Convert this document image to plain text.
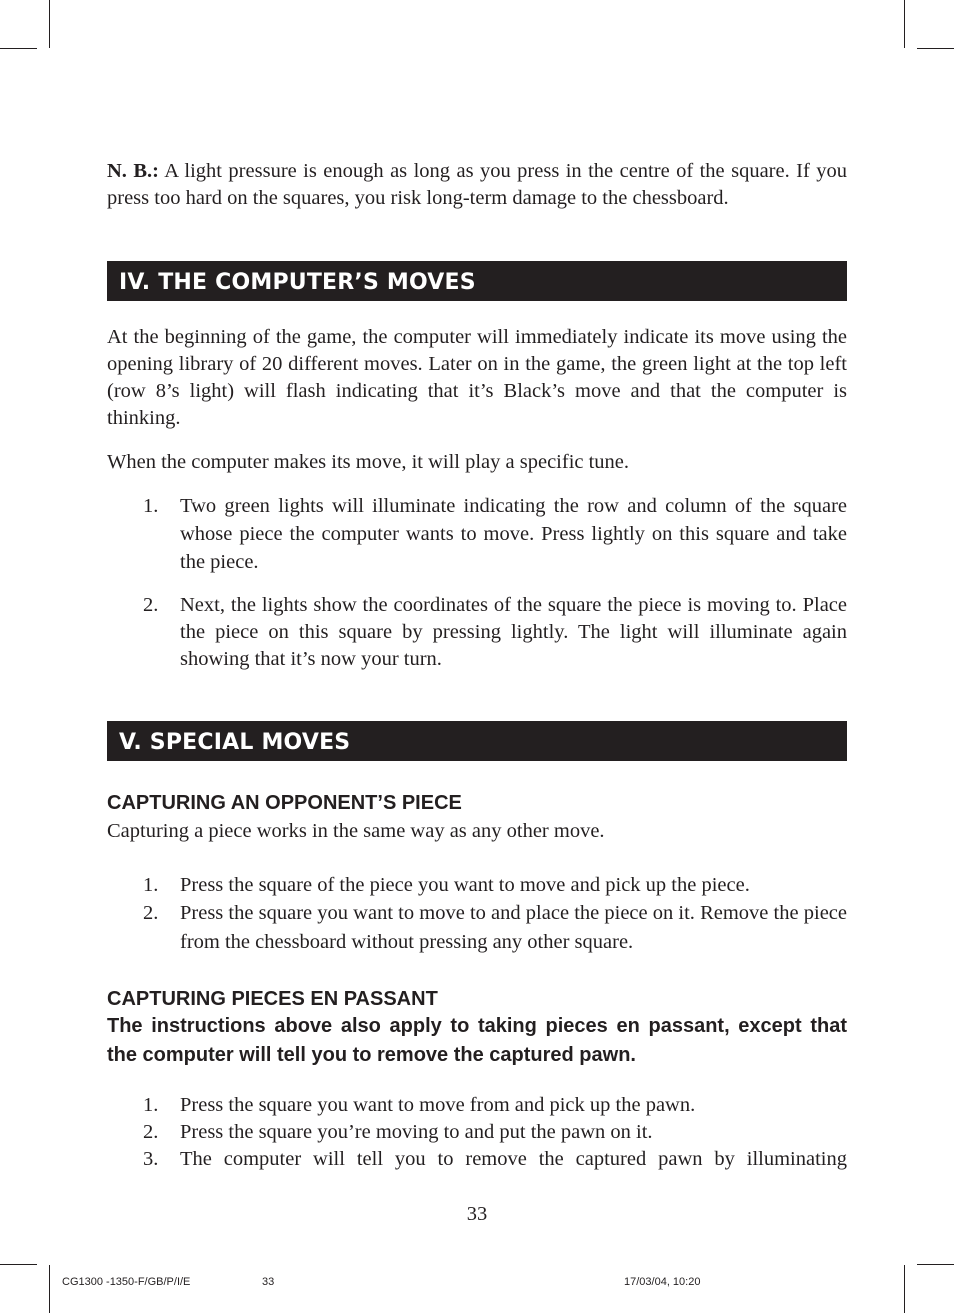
N. B.: A light pressure is enough as long as you press in the centre of the square. If you press too hard on the squares, you risk long-term damage to the chessboard.

IV. THE COMPUTER’S MOVES

At the beginning of the game, the computer will immediately indicate its move using the opening library of 20 different moves. Later on in the game, the green light at the top left (row 8’s light) will flash indicating that it’s Black’s move and that the computer is thinking.

When the computer makes its move, it will play a specific tune.

1. Two green lights will illuminate indicating the row and column of the square whose piece the computer wants to move. Press lightly on this square and take the piece.
2. Next, the lights show the coordinates of the square the piece is moving to. Place the piece on this square by pressing lightly. The light will illuminate again showing that it’s now your turn.
V. SPECIAL MOVES

CAPTURING AN OPPONENT’S PIECE

Capturing a piece works in the same way as any other move.

1. Press the square of the piece you want to move and pick up the piece.
2. Press the square you want to move to and place the piece on it. Remove the piece from the chessboard without pressing any other square.

CAPTURING PIECES EN PASSANT

The instructions above also apply to taking pieces en passant, except that the computer will tell you to remove the captured pawn.

1. Press the square you want to move from and pick up the pawn.
2. Press the square you’re moving to and put the pawn on it.
3. The computer will tell you to remove the captured pawn by illuminating
33
CG1300 -1350-F/GB/P/I/E	33	17/03/04, 10:20
